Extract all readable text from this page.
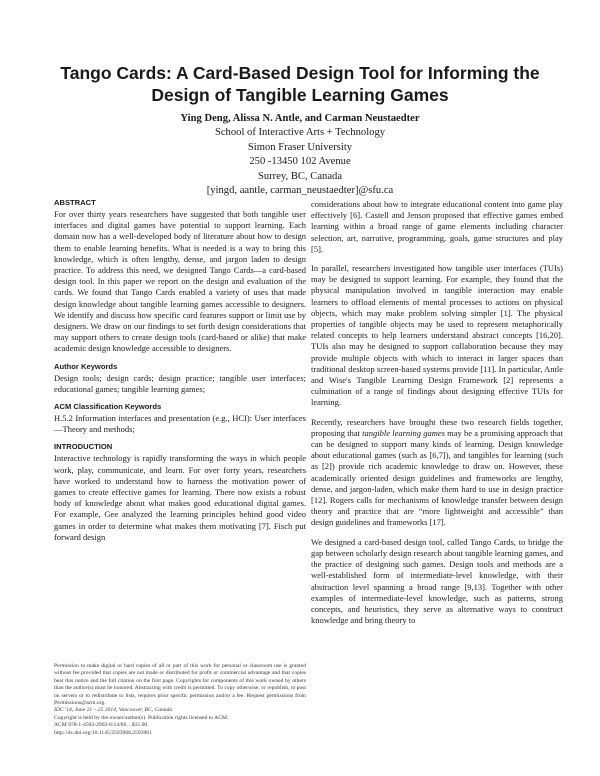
Tango Cards: A Card-Based Design Tool for Informing the Design of Tangible Learning Games
Ying Deng, Alissa N. Antle, and Carman Neustaedter
School of Interactive Arts + Technology
Simon Fraser University
250 -13450 102 Avenue
Surrey, BC, Canada
[yingd, aantle, carman_neustaedter]@sfu.ca
ABSTRACT

For over thirty years researchers have suggested that both tangible user interfaces and digital games have potential to support learning. Each domain now has a well-developed body of literature about how to design them to enable learning benefits. What is needed is a way to bring this knowledge, which is often lengthy, dense, and jargon laden to design practice. To address this need, we designed Tango Cards—a card-based design tool. In this paper we report on the design and evaluation of the cards. We found that Tango Cards enabled a variety of uses that made design knowledge about tangible learning games accessible to designers. We identify and discuss how specific card features support or limit use by designers. We draw on our findings to set forth design considerations that may support others to create design tools (card-based or alike) that make academic design knowledge accessible to designers.

Author Keywords

Design tools; design cards; design practice; tangible user interfaces; educational games; tangible learning games;

ACM Classification Keywords

H.5.2 Information interfaces and presentation (e.g., HCI): User interfaces—Theory and methods;

INTRODUCTION

Interactive technology is rapidly transforming the ways in which people work, play, communicate, and learn. For over forty years, researchers have worked to understand how to harness the motivation power of games to create effective games for learning. There now exists a robust body of knowledge about what makes good educational digital games. For example, Gee analyzed the learning principles behind good video games in order to determine what makes them motivating [7]. Fisch put forward design

Permission to make digital or hard copies of all or part of this work for personal or classroom use is granted without fee provided that copies are not made or distributed for profit or commercial advantage and that copies bear this notice and the full citation on the first page. Copyrights for components of this work owned by others than the author(s) must be honored. Abstracting with credit is permitted. To copy otherwise, or republish, to post on servers or to redistribute to lists, requires prior specific permission and/or a fee. Request permissions from Permissions@acm.org.

IDC '14, June 21 – 25 2014, Vancouver, BC, Canada

Copyright is held by the owner/author(s). Publication rights licensed to ACM.

ACM 978-1-4503-2902-6/14/06…$15.00.

http://dx.doi.org/10.1145/2593968.2593961

considerations about how to integrate educational content into game play effectively [6]. Castell and Jenson proposed that effective games embed learning within a broad range of game elements including character selection, art, narrative, programming, goals, game structures and play [5].

In parallel, researchers investigated how tangible user interfaces (TUIs) may be designed to support learning. For example, they found that the physical manipulation involved in tangible interaction may enable learners to offload elements of mental processes to actions on physical objects, which may make problem solving simpler [1]. The physical properties of tangible objects may be used to represent metaphorically related concepts to help learners understand abstract concepts [16,20]. TUIs also may be designed to support collaboration because they may provide multiple objects with which to interact in larger spaces than traditional desktop screen-based systems provide [11]. In particular, Antle and Wise's Tangible Learning Design Framework [2] represents a culmination of a range of findings about designing effective TUIs for learning.

Recently, researchers have brought these two research fields together, proposing that tangible learning games may be a promising approach that can be designed to support many kinds of learning. Design knowledge about educational games (such as [6,7]), and tangibles for learning (such as [2]) provide rich academic knowledge to draw on. However, these academically oriented design guidelines and frameworks are lengthy, dense, and jargon-laden, which make them hard to use in design practice [12]. Rogers calls for mechanisms of knowledge transfer between design theory and practice that are “more lightweight and accessible” than design guidelines and frameworks [17].

We designed a card-based design tool, called Tango Cards, to bridge the gap between scholarly design research about tangible learning games, and the practice of designing such games. Design tools and methods are a well-established form of intermediate-level knowledge, with their abstraction level spanning a broad range [9,13]. Together with other examples of intermediate-level knowledge, such as patterns, strong concepts, and heuristics, they serve as alternative ways to construct knowledge and bring theory to
